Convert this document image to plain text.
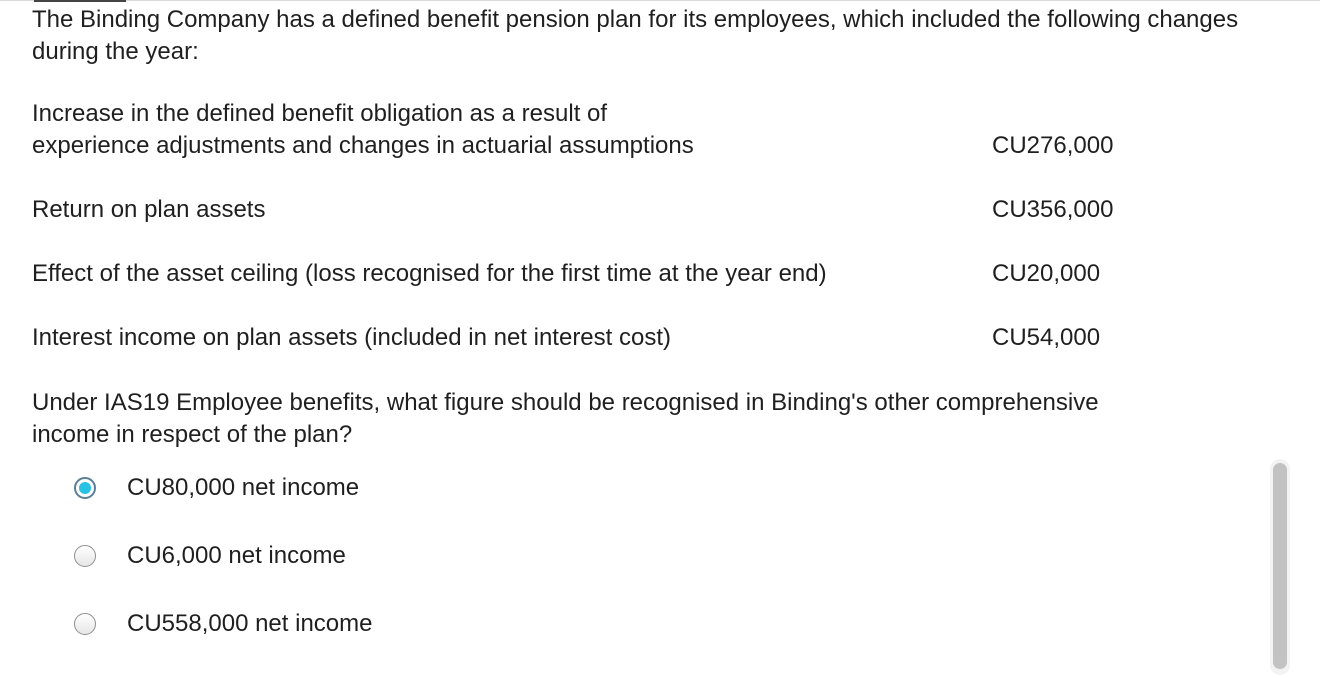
The Binding Company has a defined benefit pension plan for its employees, which included the following changes during the year:

Increase in the defined benefit obligation as a result of
experience adjustments and changes in actuarial assumptions	CU276,000
Return on plan assets	CU356,000
Effect of the asset ceiling (loss recognised for the first time at the year end)	CU20,000
Interest income on plan assets (included in net interest cost)	CU54,000

Under IAS19 Employee benefits, what figure should be recognised in Binding's other comprehensive income in respect of the plan?

CU80,000 net income
CU6,000 net income
CU558,000 net income
